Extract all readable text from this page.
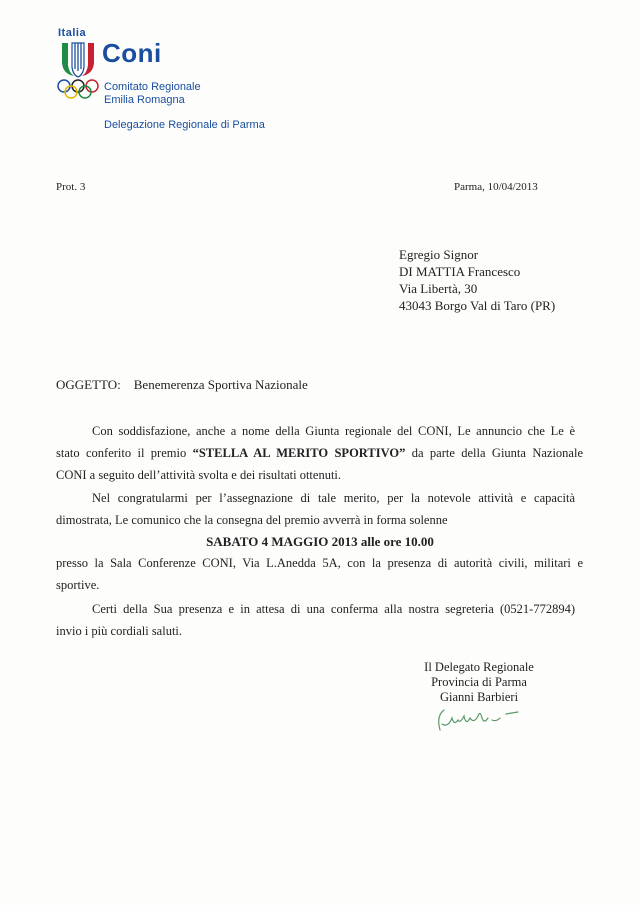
Italia
Coni
Comitato Regionale
Emilia Romagna
Delegazione Regionale di Parma
Prot. 3	Parma, 10/04/2013
Egregio Signor
DI MATTIA Francesco
Via Libertà, 30
43043 Borgo Val di Taro (PR)
OGGETTO: Benemerenza Sportiva Nazionale
Con soddisfazione, anche a nome della Giunta regionale del CONI, Le annuncio che Le è
stato conferito il premio “STELLA AL MERITO SPORTIVO” da parte della Giunta Nazionale
CONI a seguito dell’attività svolta e dei risultati ottenuti.
Nel congratularmi per l’assegnazione di tale merito, per la notevole attività e capacità
dimostrata, Le comunico che la consegna del premio avverrà in forma solenne
SABATO 4 MAGGIO 2013 alle ore 10.00
presso la Sala Conferenze CONI, Via L.Anedda 5A, con la presenza di autorità civili, militari e
sportive.
Certi della Sua presenza e in attesa di una conferma alla nostra segreteria (0521-772894)
invio i più cordiali saluti.
Il Delegato Regionale
Provincia di Parma
Gianni Barbieri
